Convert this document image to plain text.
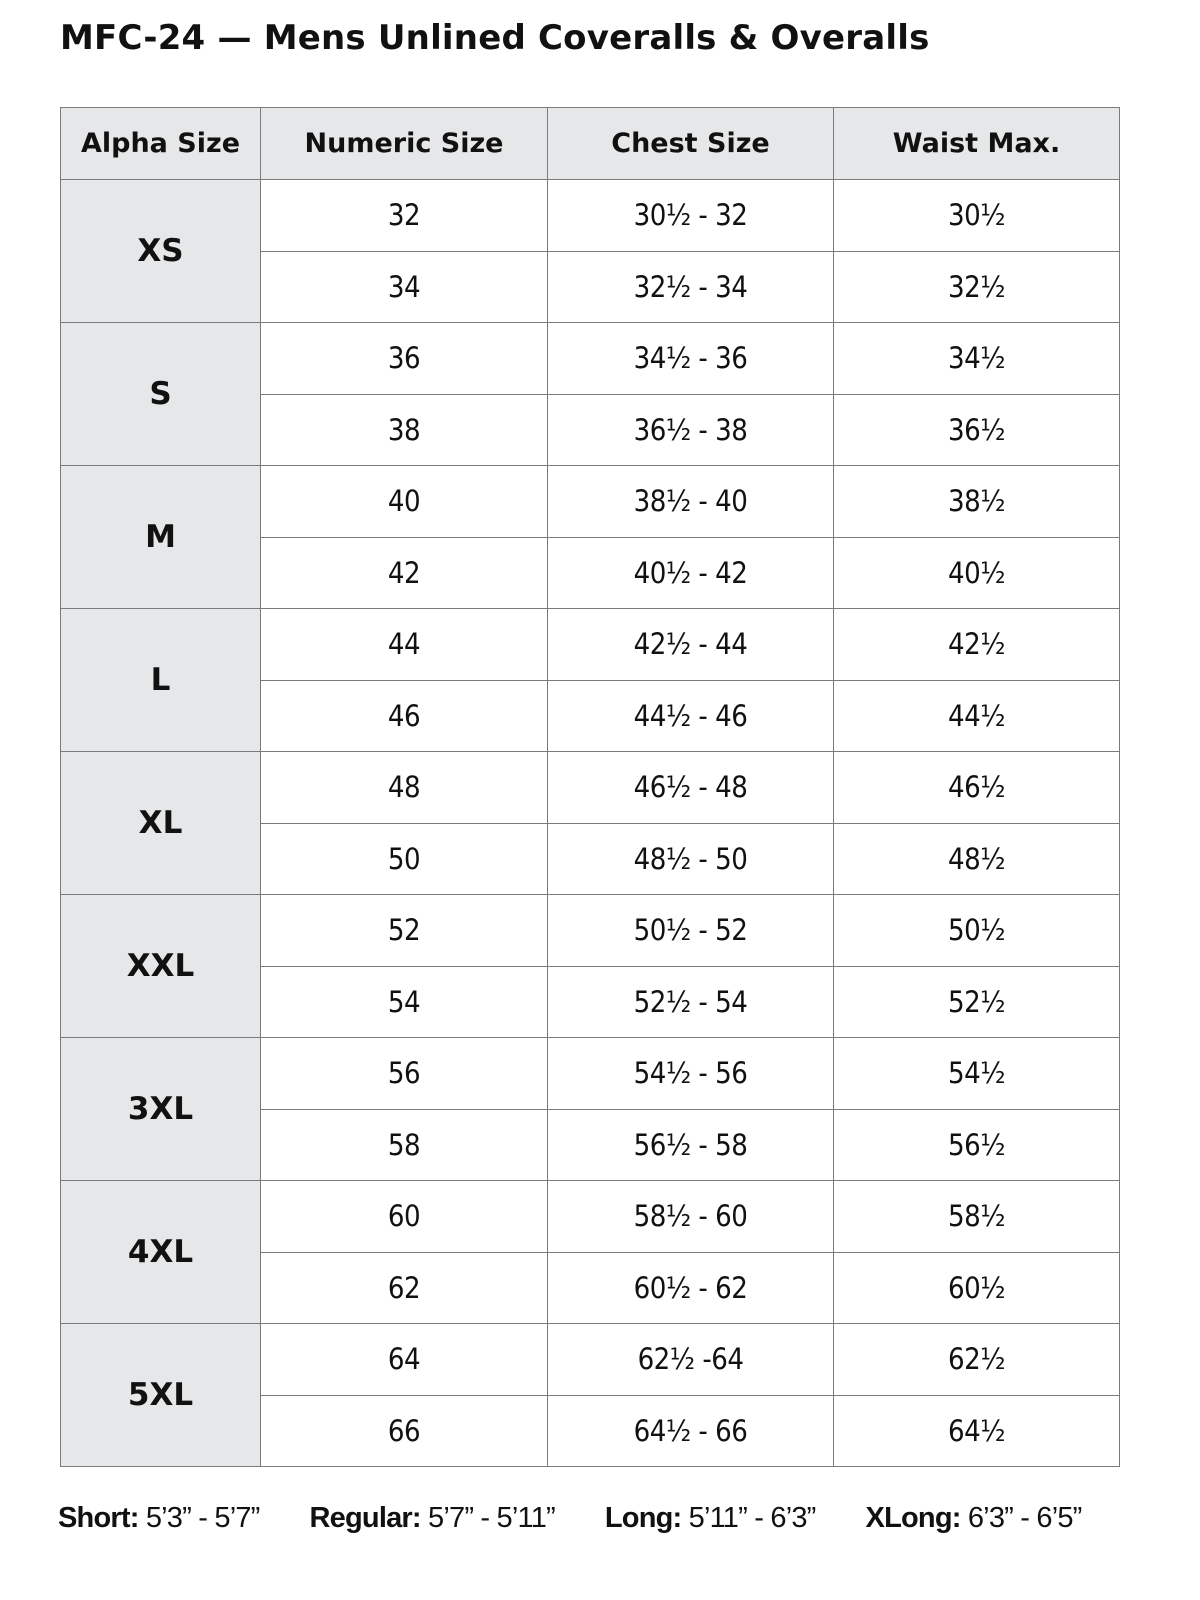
MFC-24 — Mens Unlined Coveralls & Overalls
Alpha Size	Numeric Size	Chest Size	Waist Max.
XS	32	30½ - 32	30½
	34	32½ - 34	32½
S	36	34½ - 36	34½
	38	36½ - 38	36½
M	40	38½ - 40	38½
	42	40½ - 42	40½
L	44	42½ - 44	42½
	46	44½ - 46	44½
XL	48	46½ - 48	46½
	50	48½ - 50	48½
XXL	52	50½ - 52	50½
	54	52½ - 54	52½
3XL	56	54½ - 56	54½
	58	56½ - 58	56½
4XL	60	58½ - 60	58½
	62	60½ - 62	60½
5XL	64	62½ -64	62½
	66	64½ - 66	64½
Short: 5’3” - 5’7” Regular: 5’7” - 5’11” Long: 5’11” - 6’3” XLong: 6’3” - 6’5”
